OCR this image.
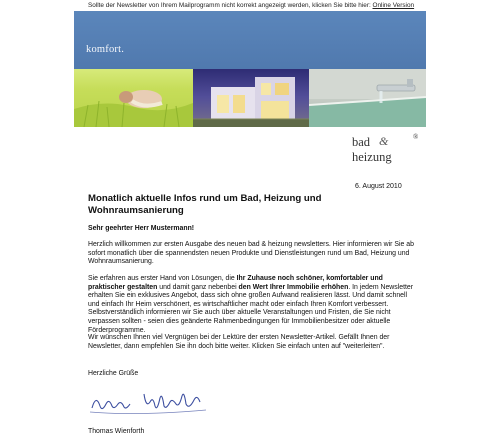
Sollte der Newsletter von Ihrem Mailprogramm nicht korrekt angezeigt werden, klicken Sie bitte hier: Online Version
komfort.
bad &	®
heizung
6. August 2010
Monatlich aktuelle Infos rund um Bad, Heizung und Wohnraumsanierung
Sehr geehrter Herr Mustermann!

Herzlich willkommen zur ersten Ausgabe des neuen bad & heizung newsletters. Hier informieren wir Sie ab sofort monatlich über die spannendsten neuen Produkte und Dienstleistungen rund um Bad, Heizung und Wohnraumsanierung.

Sie erfahren aus erster Hand von Lösungen, die Ihr Zuhause noch schöner, komfortabler und praktischer gestalten und damit ganz nebenbei den Wert Ihrer Immobilie erhöhen. In jedem Newsletter erhalten Sie ein exklusives Angebot, dass sich ohne großen Aufwand realisieren lässt. Und damit schnell und einfach Ihr Heim verschönert, es wirtschaftlicher macht oder einfach Ihren Komfort verbessert. Selbstverständlich informieren wir Sie auch über aktuelle Veranstaltungen und Fristen, die Sie nicht verpassen sollten - seien dies geänderte Rahmenbedingungen für Immobilienbesitzer oder aktuelle Förderprogramme.

Wir wünschen Ihnen viel Vergnügen bei der Lektüre der ersten Newsletter-Artikel. Gefällt Ihnen der Newsletter, dann empfehlen Sie ihn doch bitte weiter. Klicken Sie einfach unten auf "weiterleiten".

Herzliche Grüße
Thomas Wienforth
